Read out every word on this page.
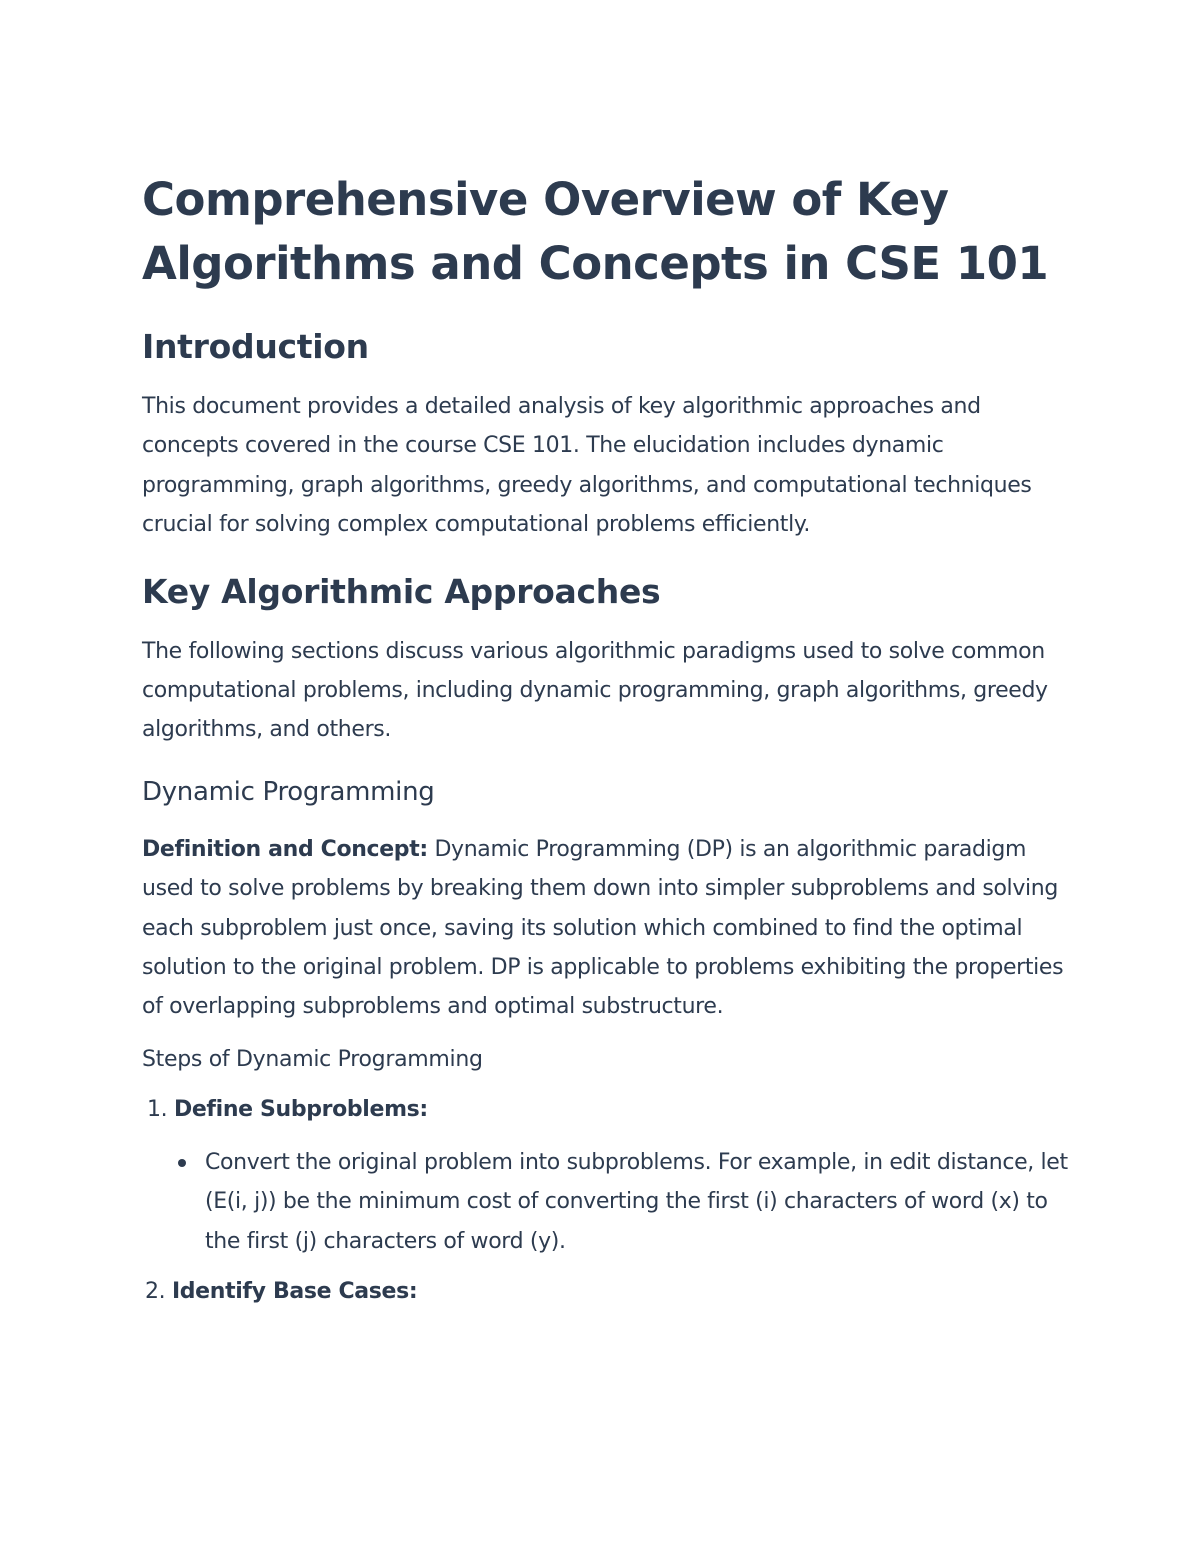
Comprehensive Overview of Key Algorithms and Concepts in CSE 101
Introduction

This document provides a detailed analysis of key algorithmic approaches and concepts covered in the course CSE 101. The elucidation includes dynamic programming, graph algorithms, greedy algorithms, and computational techniques crucial for solving complex computational problems efficiently.

Key Algorithmic Approaches

The following sections discuss various algorithmic paradigms used to solve common computational problems, including dynamic programming, graph algorithms, greedy algorithms, and others.

Dynamic Programming

Definition and Concept: Dynamic Programming (DP) is an algorithmic paradigm used to solve problems by breaking them down into simpler subproblems and solving each subproblem just once, saving its solution which combined to find the optimal solution to the original problem. DP is applicable to problems exhibiting the properties of overlapping subproblems and optimal substructure.

Steps of Dynamic Programming
1. Define Subproblems:
Convert the original problem into subproblems. For example, in edit distance, let (E(i, j)) be the minimum cost of converting the first (i) characters of word (x) to the first (j) characters of word (y).
2. Identify Base Cases:
